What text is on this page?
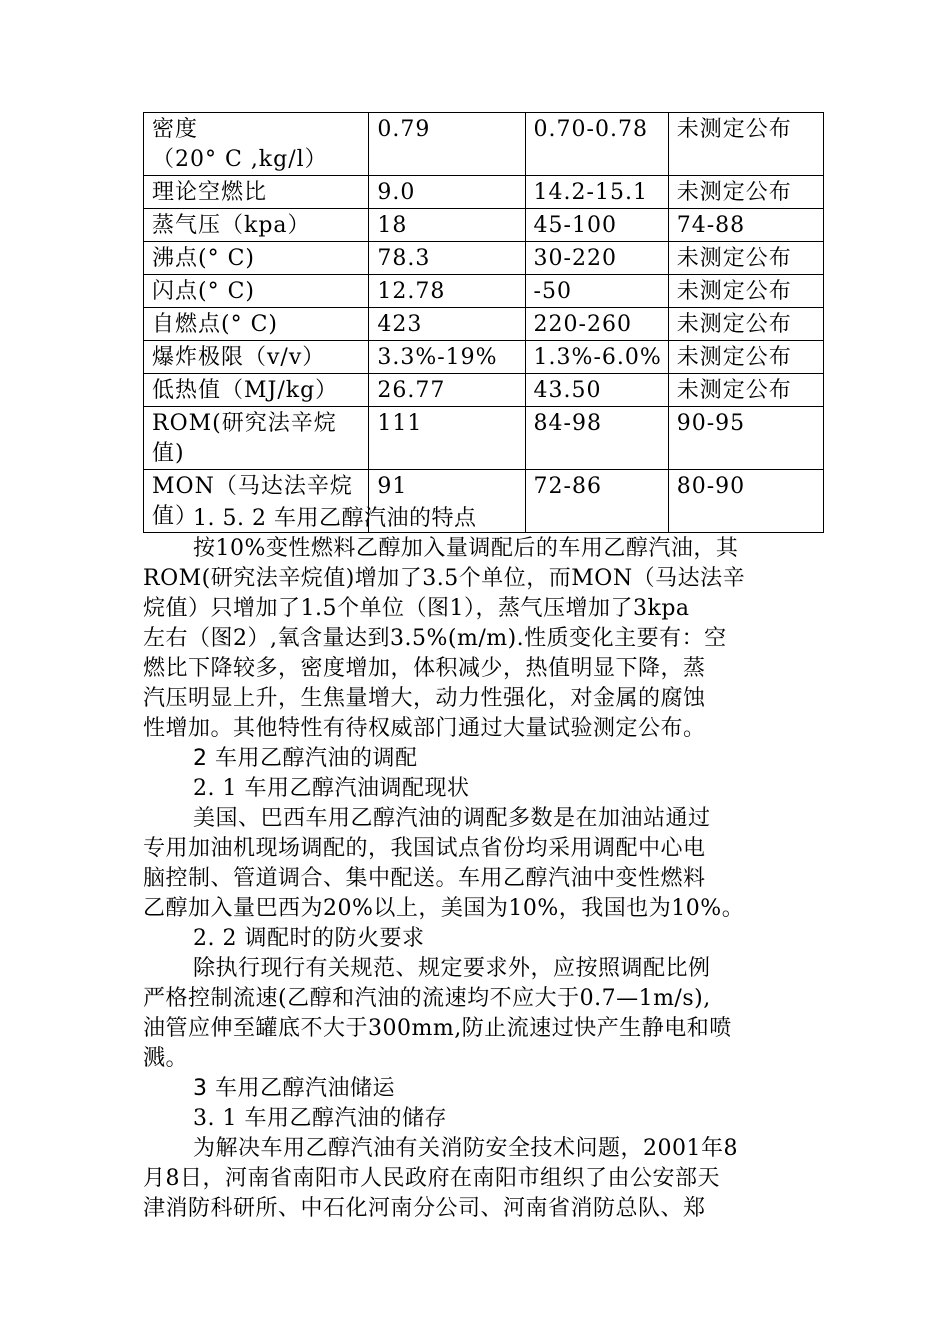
密度
（20° C ,kg/l）	0.79	0.70-0.78	未测定公布
理论空燃比	9.0	14.2-15.1	未测定公布
蒸气压（kpa）	18	45-100	74-88
沸点(° C)	78.3	30-220	未测定公布
闪点(° C)	12.78	-50	未测定公布
自燃点(° C)	423	220-260	未测定公布
爆炸极限（v/v）	3.3%-19%	1.3%-6.0%	未测定公布
低热值（MJ/kg）	26.77	43.50	未测定公布
ROM(研究法辛烷
值)	111	84-98	90-95
MON（马达法辛烷
值）	91	72-86	80-90
1. 5. 2 车用乙醇汽油的特点
按10%变性燃料乙醇加入量调配后的车用乙醇汽油，其
ROM(研究法辛烷值)增加了3.5个单位，而MON（马达法辛
烷值）只增加了1.5个单位（图1），蒸气压增加了3kpa
左右（图2）,氧含量达到3.5%(m/m).性质变化主要有：空
燃比下降较多，密度增加，体积减少，热值明显下降，蒸
汽压明显上升，生焦量增大，动力性强化，对金属的腐蚀
性增加。其他特性有待权威部门通过大量试验测定公布。
2 车用乙醇汽油的调配
2. 1 车用乙醇汽油调配现状
美国、巴西车用乙醇汽油的调配多数是在加油站通过
专用加油机现场调配的，我国试点省份均采用调配中心电
脑控制、管道调合、集中配送。车用乙醇汽油中变性燃料
乙醇加入量巴西为20%以上，美国为10%，我国也为10%。
2. 2 调配时的防火要求
除执行现行有关规范、规定要求外，应按照调配比例
严格控制流速(乙醇和汽油的流速均不应大于0.7—1m/s),
油管应伸至罐底不大于300mm,防止流速过快产生静电和喷
溅。
3 车用乙醇汽油储运
3. 1 车用乙醇汽油的储存
为解决车用乙醇汽油有关消防安全技术问题，2001年8
月8日，河南省南阳市人民政府在南阳市组织了由公安部天
津消防科研所、中石化河南分公司、河南省消防总队、郑
